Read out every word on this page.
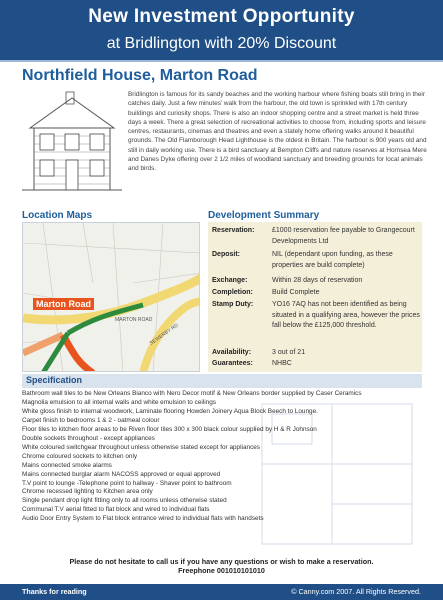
New Investment Opportunity
at Bridlington with 20% Discount
Northfield House, Marton Road
Bridlington is famous for its sandy beaches and the working harbour where fishing boats still bring in their catches daily. Just a few minutes' walk from the harbour, the old town is sprinkled with 17th century buildings and curiosity shops. There is also an indoor shopping centre and a street market is held three days a week. There a great selection of recreational activities to choose from, including sports and leisure centres, restaurants, cinemas and theatres and even a stately home offering walks around it beautiful grounds. The Old Flamborough Head Lighthouse is the oldest in Britain. The harbour is 900 years old and still in daily working use. There is a bird sanctuary at Bempton Cliffs and nature reserves at Hornsea Mere and Danes Dyke offering over 2 1/2 miles of woodland sanctuary and breeding grounds for local animals and birds.
Location Maps
MARTON ROAD
SEWERBY RD
Marton Road
Development Summary
Reservation:	£1000 reservation fee payable to Grangecourt Developments Ltd
Deposit:	NIL (dependant upon funding, as these properties are build complete)
Exchange:	Within 28 days of reservation
Completion:	Build Complete
Stamp Duty:	YO16 7AQ has not been identified as being situated in a qualifying area, however the prices fall below the £125,000 threshold.
Availability:	3 out of 21
Guarantees:	NHBC
Specification
Bathroom wall tiles to be New Orleans Bianco with Nero Decor motif & New Orleans border supplied by Caser Ceramics
Magnolia emulsion to all internal walls and white emulsion to ceilings
White gloss finish to internal woodwork, Laminate flooring Howden Joinery Aqua Block Beech to Lounge.
Carpet finish to bedrooms 1 & 2 - oatmeal colour
Floor tiles to kitchen floor areas to be Riven floor tiles 300 x 300 black colour supplied by H & R Johnson
Double sockets throughout - except appliances
White coloured switchgear throughout unless otherwise stated except for appliances
Chrome coloured sockets to kitchen only
Mains connected smoke alarms
Mains connected burglar alarm NACOSS approved or equal approved
T.V point to lounge -Telephone point to hallway - Shaver point to bathroom
Chrome recessed lighting to Kitchen area only
Single pendant drop light fitting only to all rooms unless otherwise stated
Communal T.V aerial fitted to flat block and wired to individual flats
Audio Door Entry System to Flat block entrance wired to individual flats with handsets
Please do not hesitate to call us if you have any questions or wish to make a reservation.
Freephone 001010101010
Thanks for reading	© Canny.com 2007. All Rights Reserved.
